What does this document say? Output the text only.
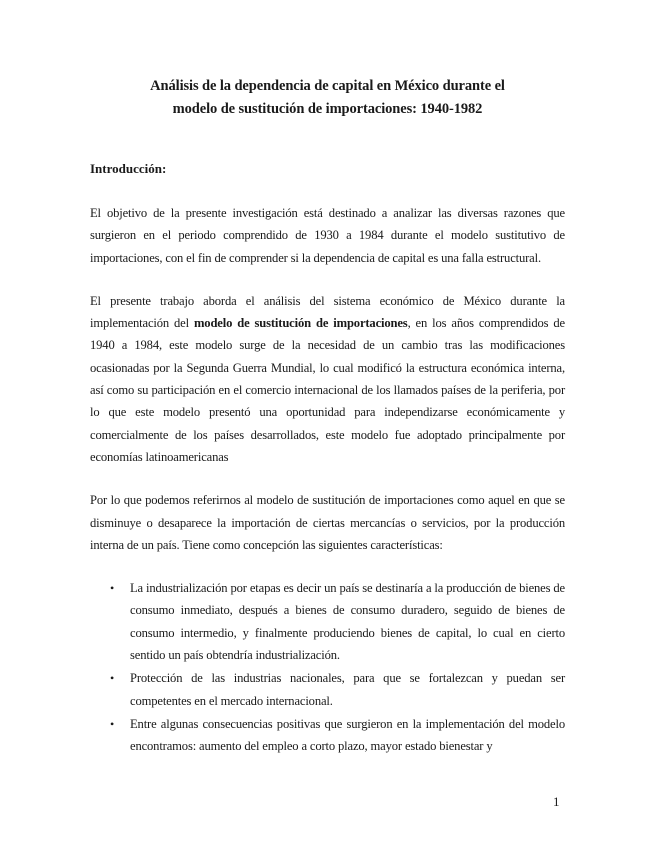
Análisis de la dependencia de capital en México durante el
modelo de sustitución de importaciones: 1940-1982
Introducción:

El objetivo de la presente investigación está destinado a analizar las diversas razones que surgieron en el periodo comprendido de 1930 a 1984 durante el modelo sustitutivo de importaciones, con el fin de comprender si la dependencia de capital es una falla estructural.

El presente trabajo aborda el análisis del sistema económico de México durante la implementación del modelo de sustitución de importaciones, en los años comprendidos de 1940 a 1984, este modelo surge de la necesidad de un cambio tras las modificaciones ocasionadas por la Segunda Guerra Mundial, lo cual modificó la estructura económica interna, así como su participación en el comercio internacional de los llamados países de la periferia, por lo que este modelo presentó una oportunidad para independizarse económicamente y comercialmente de los países desarrollados, este modelo fue adoptado principalmente por economías latinoamericanas

Por lo que podemos referirnos al modelo de sustitución de importaciones como aquel en que se disminuye o desaparece la importación de ciertas mercancías o servicios, por la producción interna de un país. Tiene como concepción las siguientes características:

• La industrialización por etapas es decir un país se destinaría a la producción de bienes de consumo inmediato, después a bienes de consumo duradero, seguido de bienes de consumo intermedio, y finalmente produciendo bienes de capital, lo cual en cierto sentido un país obtendría industrialización.
• Protección de las industrias nacionales, para que se fortalezcan y puedan ser competentes en el mercado internacional.
• Entre algunas consecuencias positivas que surgieron en la implementación del modelo encontramos: aumento del empleo a corto plazo, mayor estado bienestar y
1
